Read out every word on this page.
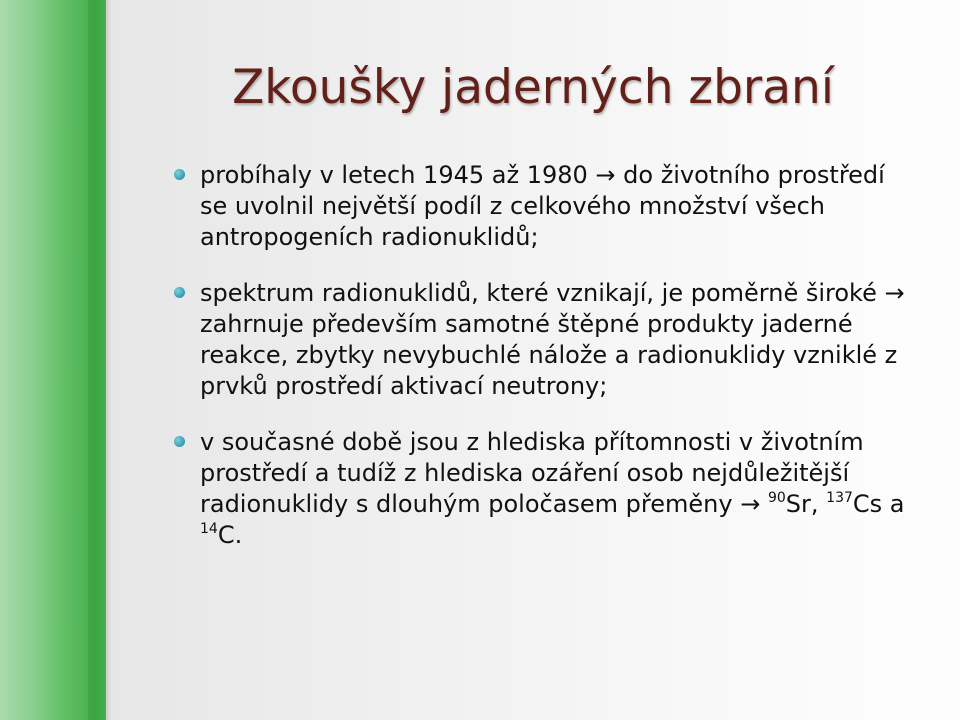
Zkoušky jaderných zbraní
probíhaly v letech 1945 až 1980 → do životního prostředí se uvolnil největší podíl z celkového množství všech antropogeních radionuklidů;
spektrum radionuklidů, které vznikají, je poměrně široké → zahrnuje především samotné štěpné produkty jaderné reakce, zbytky nevybuchlé nálože a radionuklidy vzniklé z prvků prostředí aktivací neutrony;
v současné době jsou z hlediska přítomnosti v životním prostředí a tudíž z hlediska ozáření osob nejdůležitější radionuklidy s dlouhým poločasem přeměny → $^{90}$Sr, $^{137}$Cs a $^{14}$C.
